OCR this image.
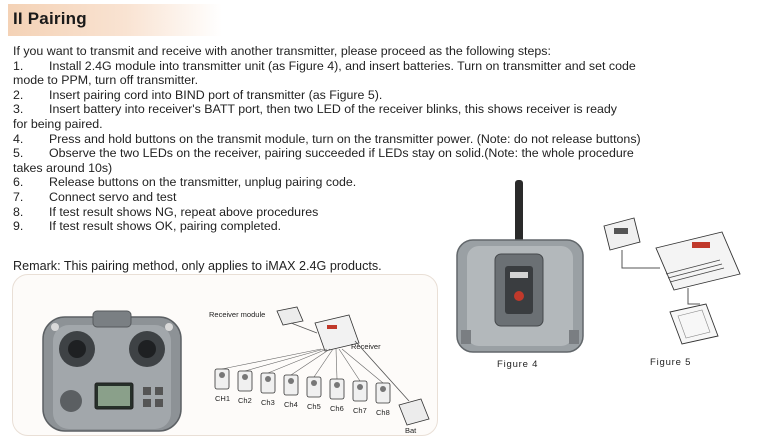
II Pairing
If you want to transmit and receive with another transmitter, please proceed as the following steps:
1. Install 2.4G module into transmitter unit (as Figure 4), and insert batteries. Turn on transmitter and set code
mode to PPM, turn off transmitter.
2. Insert pairing cord into BIND port of transmitter (as Figure 5).
3. Insert battery into receiver's BATT port, then two LED of the receiver blinks, this shows receiver is ready
for being paired.
4. Press and hold buttons on the transmit module, turn on the transmitter power. (Note: do not release buttons)
5. Observe the two LEDs on the receiver, pairing succeeded if LEDs stay on solid.(Note: the whole procedure
takes around 10s)
6. Release buttons on the transmitter, unplug pairing code.
7. Connect servo and test
8. If test result shows NG, repeat above procedures
9. If test result shows OK, pairing completed.

Remark: This pairing method, only applies to iMAX 2.4G products.

Receiver module
Receiver
CH1 Ch2 Ch3 Ch4 Ch5 Ch6 Ch7 Ch8
Bat
Figure 4	Figure 5
